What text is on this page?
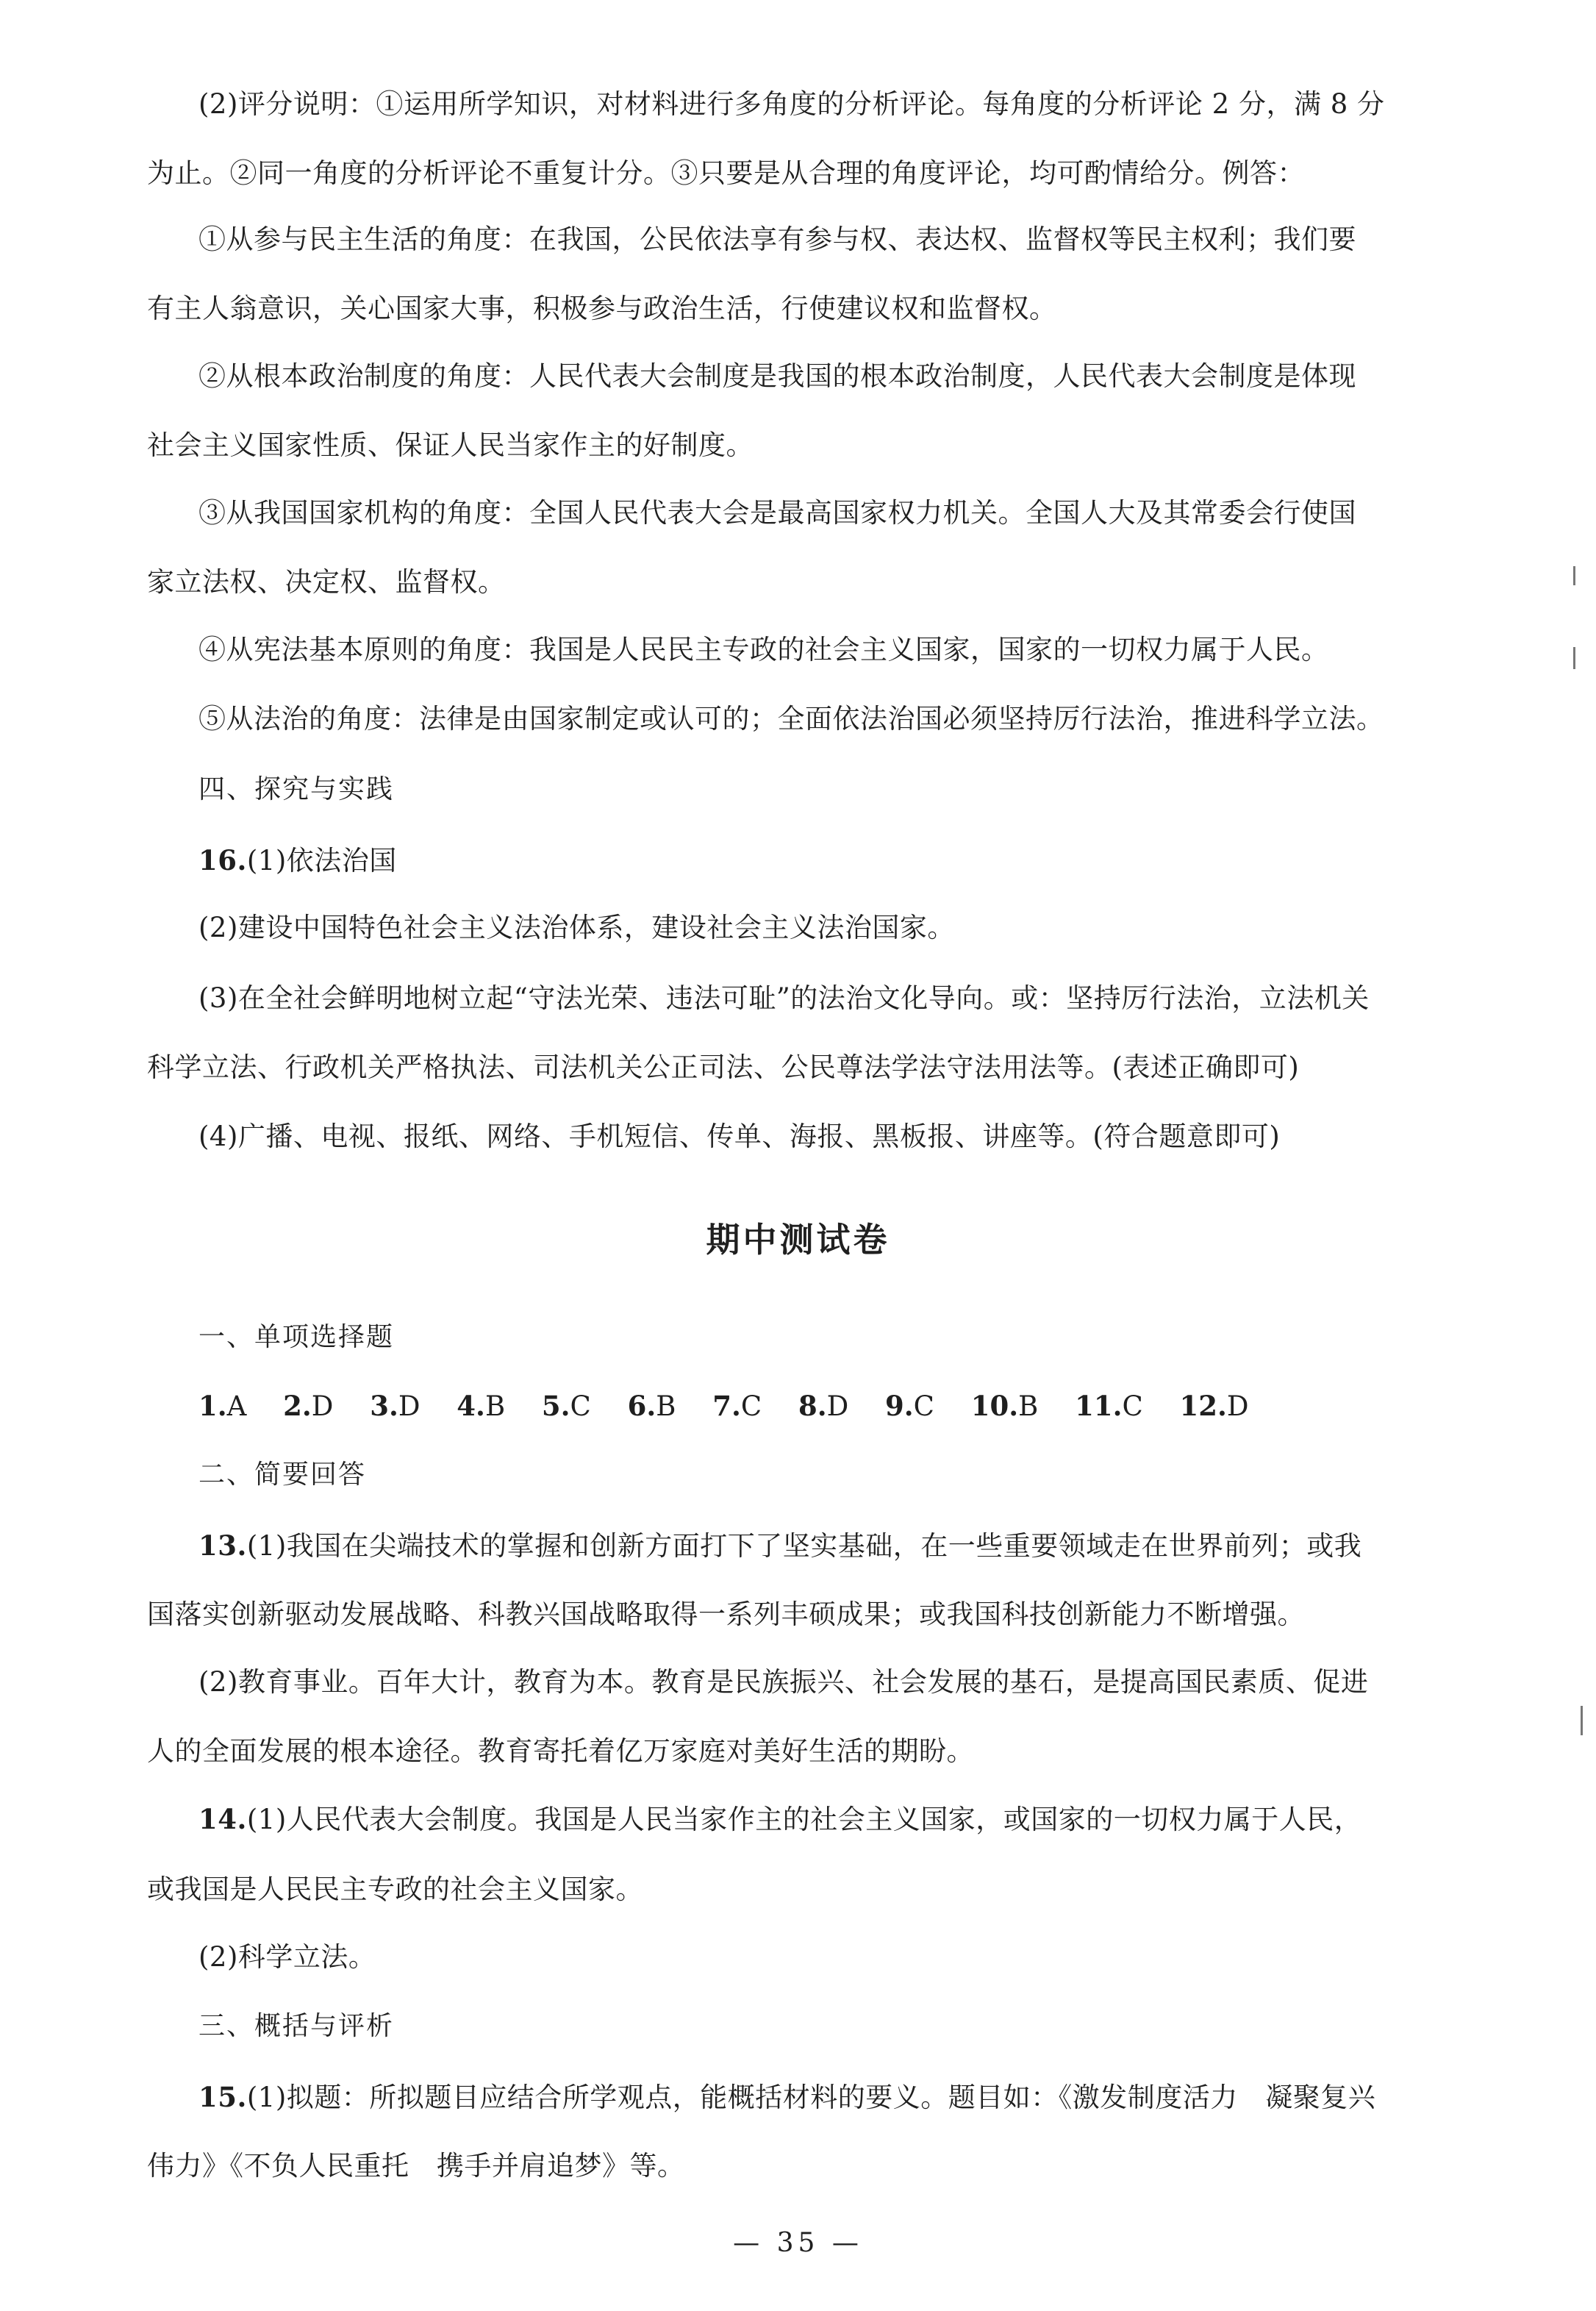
(2)评分说明：①运用所学知识，对材料进行多角度的分析评论。每角度的分析评论 2 分，满 8 分
为止。②同一角度的分析评论不重复计分。③只要是从合理的角度评论，均可酌情给分。例答：
①从参与民主生活的角度：在我国，公民依法享有参与权、表达权、监督权等民主权利；我们要
有主人翁意识，关心国家大事，积极参与政治生活，行使建议权和监督权。
②从根本政治制度的角度：人民代表大会制度是我国的根本政治制度，人民代表大会制度是体现
社会主义国家性质、保证人民当家作主的好制度。
③从我国国家机构的角度：全国人民代表大会是最高国家权力机关。全国人大及其常委会行使国
家立法权、决定权、监督权。
④从宪法基本原则的角度：我国是人民民主专政的社会主义国家，国家的一切权力属于人民。
⑤从法治的角度：法律是由国家制定或认可的；全面依法治国必须坚持厉行法治，推进科学立法。
四、探究与实践
16.(1)依法治国
(2)建设中国特色社会主义法治体系，建设社会主义法治国家。
(3)在全社会鲜明地树立起“守法光荣、违法可耻”的法治文化导向。或：坚持厉行法治，立法机关
科学立法、行政机关严格执法、司法机关公正司法、公民尊法学法守法用法等。(表述正确即可)
(4)广播、电视、报纸、网络、手机短信、传单、海报、黑板报、讲座等。(符合题意即可)
期中测试卷
一、单项选择题
1.A 2.D 3.D 4.B 5.C 6.B 7.C 8.D 9.C 10.B 11.C 12.D
二、简要回答
13.(1)我国在尖端技术的掌握和创新方面打下了坚实基础，在一些重要领域走在世界前列；或我
国落实创新驱动发展战略、科教兴国战略取得一系列丰硕成果；或我国科技创新能力不断增强。
(2)教育事业。百年大计，教育为本。教育是民族振兴、社会发展的基石，是提高国民素质、促进
人的全面发展的根本途径。教育寄托着亿万家庭对美好生活的期盼。
14.(1)人民代表大会制度。我国是人民当家作主的社会主义国家，或国家的一切权力属于人民，
或我国是人民民主专政的社会主义国家。
(2)科学立法。
三、概括与评析
15.(1)拟题：所拟题目应结合所学观点，能概括材料的要义。题目如：《激发制度活力　凝聚复兴
伟力》《不负人民重托　携手并肩追梦》等。
— 35 —
